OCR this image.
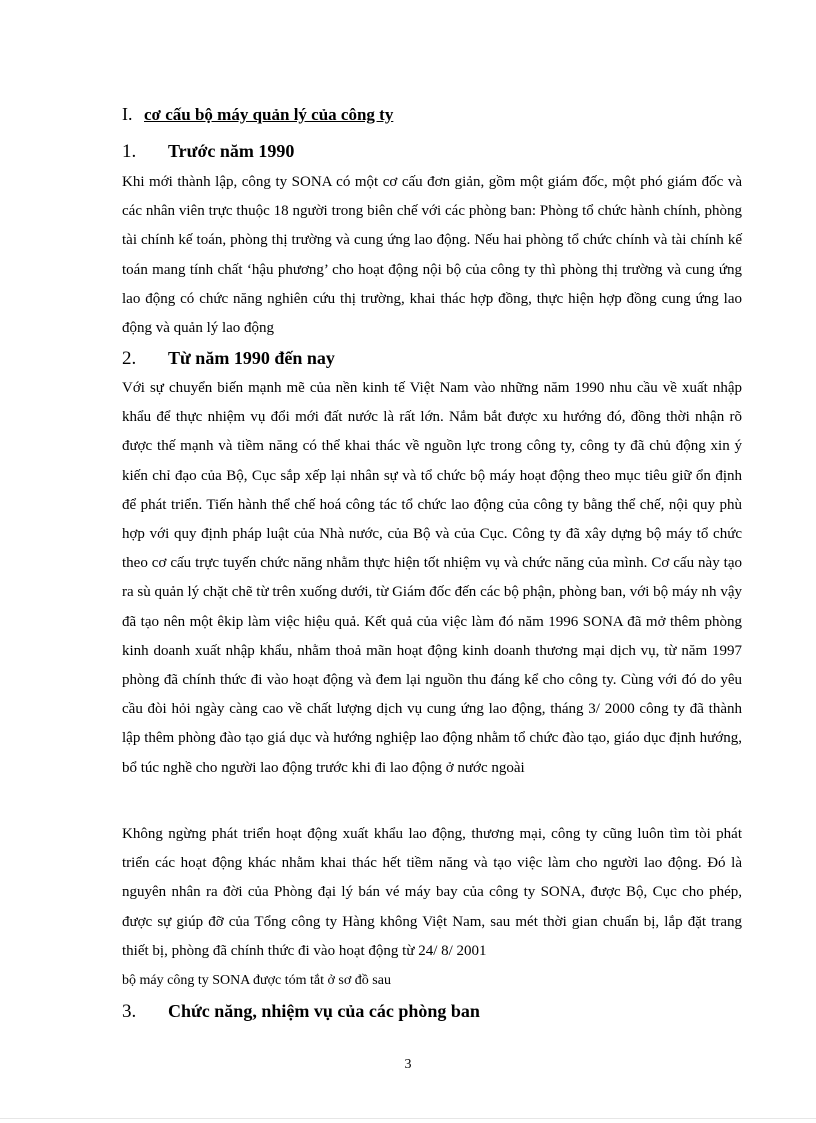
I. cơ cấu bộ máy quản lý của công ty
1.	Trước năm 1990

Khi mới thành lập, công ty SONA có một cơ cấu đơn giản, gồm một giám đốc, một phó giám đốc và các nhân viên trực thuộc 18 người trong biên chế với các phòng ban: Phòng tổ chức hành chính, phòng tài chính kế toán, phòng thị trường và cung ứng lao động. Nếu hai phòng tổ chức chính và tài chính kế toán mang tính chất ‘hậu phương’ cho hoạt động nội bộ của công ty thì phòng thị trường và cung ứng lao động có chức năng nghiên cứu thị trường, khai thác hợp đồng, thực hiện hợp đồng cung ứng lao động và quản lý lao động

2.	Từ năm 1990 đến nay

Với sự chuyển biến mạnh mẽ của nền kinh tế Việt Nam vào những năm 1990 nhu cầu về xuất nhập khẩu để thực nhiệm vụ đổi mới đất nước là rất lớn. Nắm bắt được xu hướng đó, đồng thời nhận rõ được thế mạnh và tiềm năng có thể khai thác về nguồn lực trong công ty, công ty đã chủ động xin ý kiến chỉ đạo của Bộ, Cục sắp xếp lại nhân sự và tổ chức bộ máy hoạt động theo mục tiêu giữ ổn định để phát triển. Tiến hành thể chế hoá công tác tổ chức lao động của công ty bằng thể chế, nội quy phù hợp với quy định pháp luật của Nhà nước, của Bộ và của Cục. Công ty đã xây dựng bộ máy tổ chức theo cơ cấu trực tuyến chức năng nhằm thực hiện tốt nhiệm vụ và chức năng của mình. Cơ cấu này tạo ra sù quản lý chặt chẽ từ trên xuống dưới, từ Giám đốc đến các bộ phận, phòng ban, với bộ máy nh vậy đã tạo nên một êkip làm việc hiệu quả. Kết quả của việc làm đó năm 1996 SONA đã mở thêm phòng kinh doanh xuất nhập khẩu, nhằm thoả mãn hoạt động kinh doanh thương mại dịch vụ, từ năm 1997 phòng đã chính thức đi vào hoạt động và đem lại nguồn thu đáng kể cho công ty. Cùng với đó do yêu cầu đòi hỏi ngày càng cao về chất lượng dịch vụ cung ứng lao động, tháng 3/ 2000 công ty đã thành lập thêm phòng đào tạo giá dục và hướng nghiệp lao động nhằm tổ chức đào tạo, giáo dục định hướng, bổ túc nghề cho người lao động trước khi đi lao động ở nước ngoài

Không ngừng phát triển hoạt động xuất khẩu lao động, thương mại, công ty cũng luôn tìm tòi phát triển các hoạt động khác nhằm khai thác hết tiềm năng và tạo việc làm cho người lao động. Đó là nguyên nhân ra đời của Phòng đại lý bán vé máy bay của công ty SONA, được Bộ, Cục cho phép, được sự giúp đỡ của Tổng công ty Hàng không Việt Nam, sau mét thời gian chuẩn bị, lắp đặt trang thiết bị, phòng đã chính thức đi vào hoạt động từ 24/ 8/ 2001

bộ máy công ty SONA được tóm tắt ở sơ đồ sau

3.	Chức năng, nhiệm vụ của các phòng ban
3
